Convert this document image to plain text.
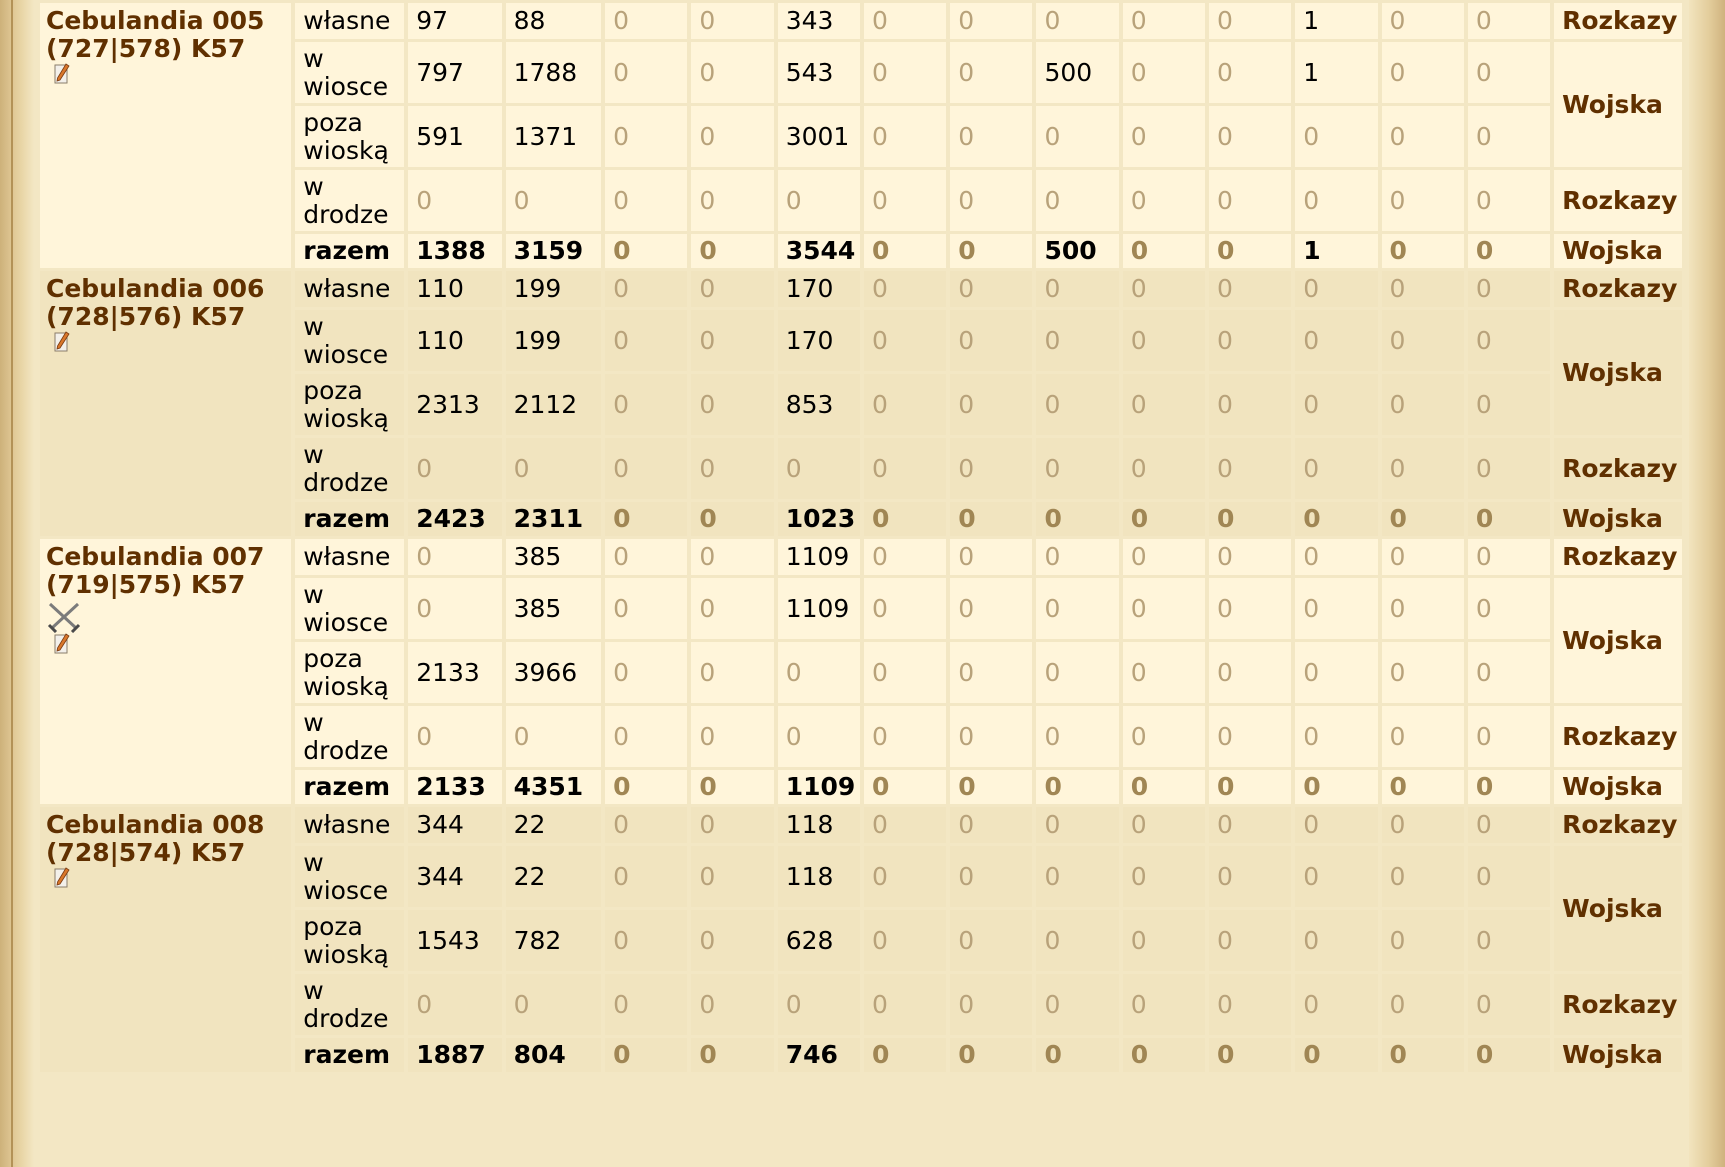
Cebulandia 005
(727|578) K57	własne	97	88	0	0	343	0	0	0	0	0	1	0	0	Rozkazy
	w
wiosce	797	1788	0	0	543	0	0	500	0	0	1	0	0	Wojska
	poza
wioską	591	1371	0	0	3001	0	0	0	0	0	0	0	0	
	w
drodze	0	0	0	0	0	0	0	0	0	0	0	0	0	Rozkazy
	razem	1388	3159	0	0	3544	0	0	500	0	0	1	0	0	Wojska

Cebulandia 006
(728|576) K57	własne	110	199	0	0	170	0	0	0	0	0	0	0	0	Rozkazy
	w
wiosce	110	199	0	0	170	0	0	0	0	0	0	0	0	Wojska
	poza
wioską	2313	2112	0	0	853	0	0	0	0	0	0	0	0	
	w
drodze	0	0	0	0	0	0	0	0	0	0	0	0	0	Rozkazy
	razem	2423	2311	0	0	1023	0	0	0	0	0	0	0	0	Wojska

Cebulandia 007
(719|575) K57	własne	0	385	0	0	1109	0	0	0	0	0	0	0	0	Rozkazy
	w
wiosce	0	385	0	0	1109	0	0	0	0	0	0	0	0	Wojska
	poza
wioską	2133	3966	0	0	0	0	0	0	0	0	0	0	0	
	w
drodze	0	0	0	0	0	0	0	0	0	0	0	0	0	Rozkazy
	razem	2133	4351	0	0	1109	0	0	0	0	0	0	0	0	Wojska

Cebulandia 008
(728|574) K57	własne	344	22	0	0	118	0	0	0	0	0	0	0	0	Rozkazy
	w
wiosce	344	22	0	0	118	0	0	0	0	0	0	0	0	Wojska
	poza
wioską	1543	782	0	0	628	0	0	0	0	0	0	0	0	
	w
drodze	0	0	0	0	0	0	0	0	0	0	0	0	0	Rozkazy
	razem	1887	804	0	0	746	0	0	0	0	0	0	0	0	Wojska
